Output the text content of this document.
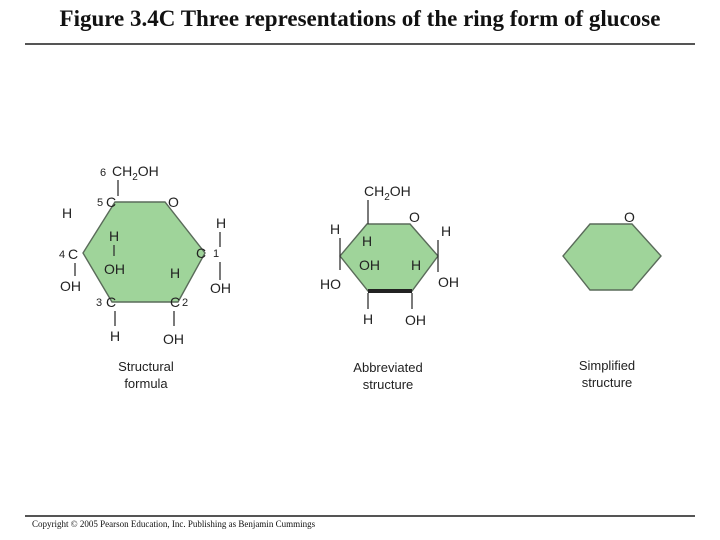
Figure 3.4C Three representations of the ring form of glucose
6 $CH_2OH$
H
5 C	O
H
H
4 C	C 1
OH	H
OH	OH
3 C	C 2
H	OH
Structural
formula
$CH_2OH$
O
H
H
H
OH H
HO	OH
H OH
Abbreviated
structure
O
Simplified
structure
Copyright © 2005 Pearson Education, Inc. Publishing as Benjamin Cummings
